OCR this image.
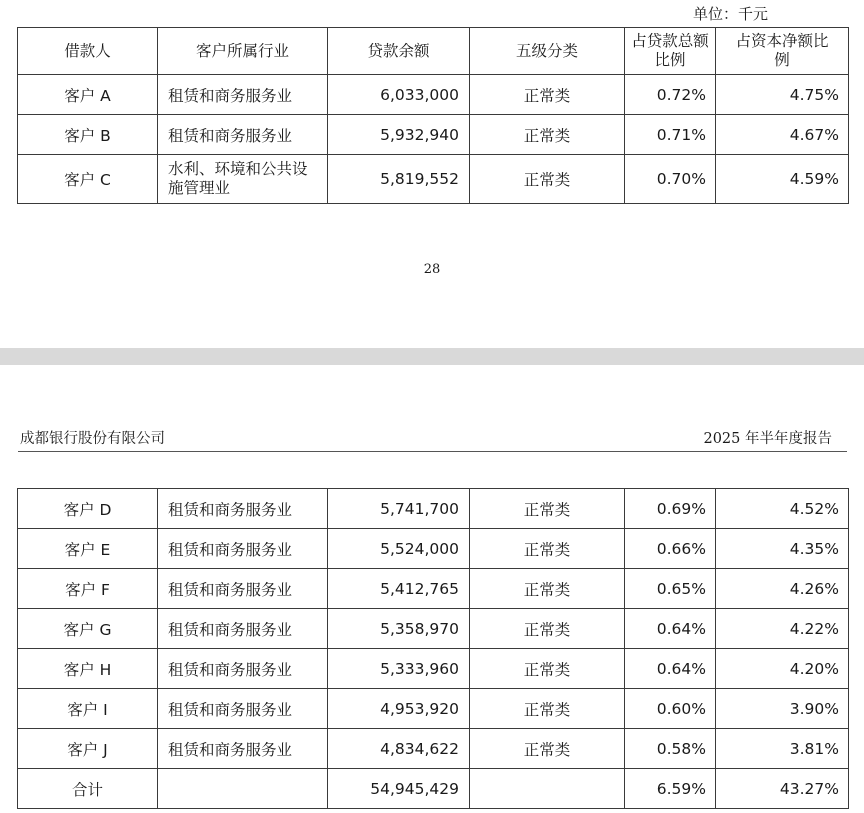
单位：千元
借款人	客户所属行业	贷款余额	五级分类	占贷款总额比例	占资本净额比例
客户 A	租赁和商务服务业	6,033,000	正常类	0.72%	4.75%
客户 B	租赁和商务服务业	5,932,940	正常类	0.71%	4.67%
客户 C	水利、环境和公共设施管理业	5,819,552	正常类	0.70%	4.59%
28
成都银行股份有限公司	2025 年半年度报告
客户 D	租赁和商务服务业	5,741,700	正常类	0.69%	4.52%
客户 E	租赁和商务服务业	5,524,000	正常类	0.66%	4.35%
客户 F	租赁和商务服务业	5,412,765	正常类	0.65%	4.26%
客户 G	租赁和商务服务业	5,358,970	正常类	0.64%	4.22%
客户 H	租赁和商务服务业	5,333,960	正常类	0.64%	4.20%
客户 I	租赁和商务服务业	4,953,920	正常类	0.60%	3.90%
客户 J	租赁和商务服务业	4,834,622	正常类	0.58%	3.81%
合计		54,945,429		6.59%	43.27%
